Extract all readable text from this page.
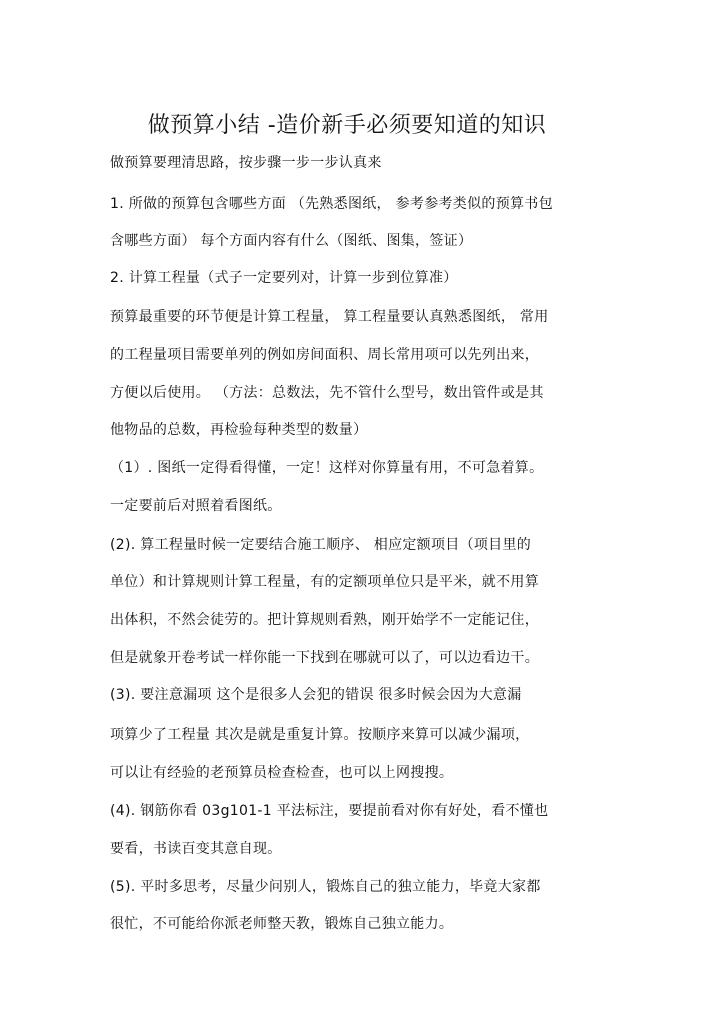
做预算小结 -造价新手必须要知道的知识
做预算要理清思路，按步骤一步一步认真来
1. 所做的预算包含哪些方面 （先熟悉图纸， 参考参考类似的预算书包
含哪些方面） 每个方面内容有什么（图纸、图集，签证）
2. 计算工程量（式子一定要列对，计算一步到位算准）
预算最重要的环节便是计算工程量， 算工程量要认真熟悉图纸， 常用
的工程量项目需要单列的例如房间面积、周长常用项可以先列出来，
方便以后使用。 （方法：总数法，先不管什么型号，数出管件或是其
他物品的总数，再检验每种类型的数量）
（1）. 图纸一定得看得懂，一定！这样对你算量有用，不可急着算。
一定要前后对照着看图纸。
(2). 算工程量时候一定要结合施工顺序、 相应定额项目（项目里的
单位）和计算规则计算工程量，有的定额项单位只是平米，就不用算
出体积，不然会徒劳的。把计算规则看熟，刚开始学不一定能记住，
但是就象开卷考试一样你能一下找到在哪就可以了，可以边看边干。
(3). 要注意漏项 这个是很多人会犯的错误 很多时候会因为大意漏
项算少了工程量 其次是就是重复计算。按顺序来算可以减少漏项，
可以让有经验的老预算员检查检查，也可以上网搜搜。
(4). 钢筋你看 03g101-1 平法标注，要提前看对你有好处，看不懂也
要看，书读百变其意自现。
(5). 平时多思考，尽量少问别人，锻炼自己的独立能力，毕竟大家都
很忙，不可能给你派老师整天教，锻炼自己独立能力。
